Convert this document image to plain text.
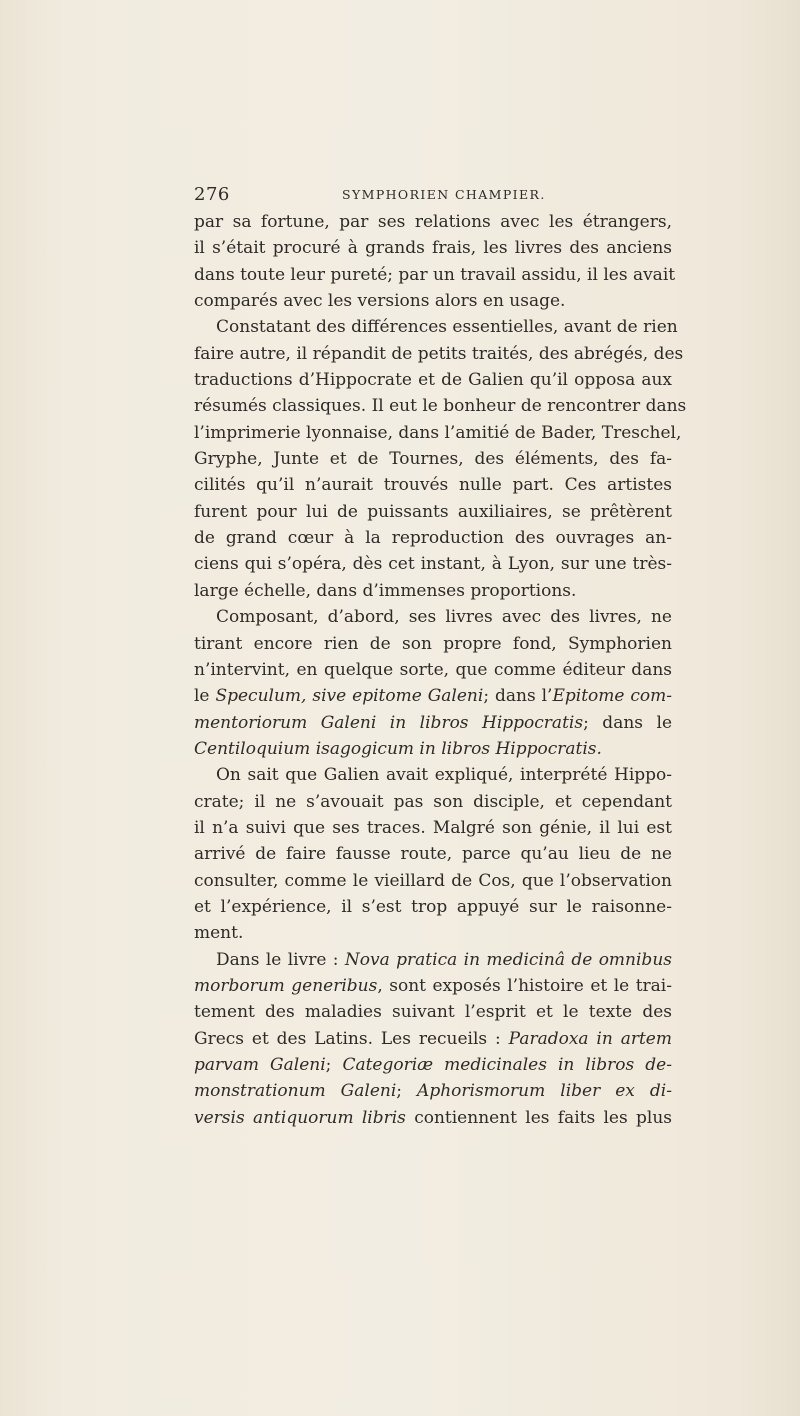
276	SYMPHORIEN CHAMPIER.
par sa fortune, par ses relations avec les étrangers,
il s’était procuré à grands frais, les livres des anciens
dans toute leur pureté; par un travail assidu, il les avait
comparés avec les versions alors en usage.
Constatant des différences essentielles, avant de rien
faire autre, il répandit de petits traités, des abrégés, des
traductions d’Hippocrate et de Galien qu’il opposa aux
résumés classiques. Il eut le bonheur de rencontrer dans
l’imprimerie lyonnaise, dans l’amitié de Bader, Treschel,
Gryphe, Junte et de Tournes, des éléments, des fa-
cilités qu’il n’aurait trouvés nulle part. Ces artistes
furent pour lui de puissants auxiliaires, se prêtèrent
de grand cœur à la reproduction des ouvrages an-
ciens qui s’opéra, dès cet instant, à Lyon, sur une très-
large échelle, dans d’immenses proportions.
Composant, d’abord, ses livres avec des livres, ne
tirant encore rien de son propre fond, Symphorien
n’intervint, en quelque sorte, que comme éditeur dans
le Speculum, sive epitome Galeni; dans l’Epitome com-
mentoriorum Galeni in libros Hippocratis; dans le
Centiloquium isagogicum in libros Hippocratis.
On sait que Galien avait expliqué, interprété Hippo-
crate; il ne s’avouait pas son disciple, et cependant
il n’a suivi que ses traces. Malgré son génie, il lui est
arrivé de faire fausse route, parce qu’au lieu de ne
consulter, comme le vieillard de Cos, que l’observation
et l’expérience, il s’est trop appuyé sur le raisonne-
ment.
Dans le livre : Nova pratica in medicinâ de omnibus
morborum generibus, sont exposés l’histoire et le trai-
tement des maladies suivant l’esprit et le texte des
Grecs et des Latins. Les recueils : Paradoxa in artem
parvam Galeni; Categoriæ medicinales in libros de-
monstrationum Galeni; Aphorismorum liber ex di-
versis antiquorum libris contiennent les faits les plus
